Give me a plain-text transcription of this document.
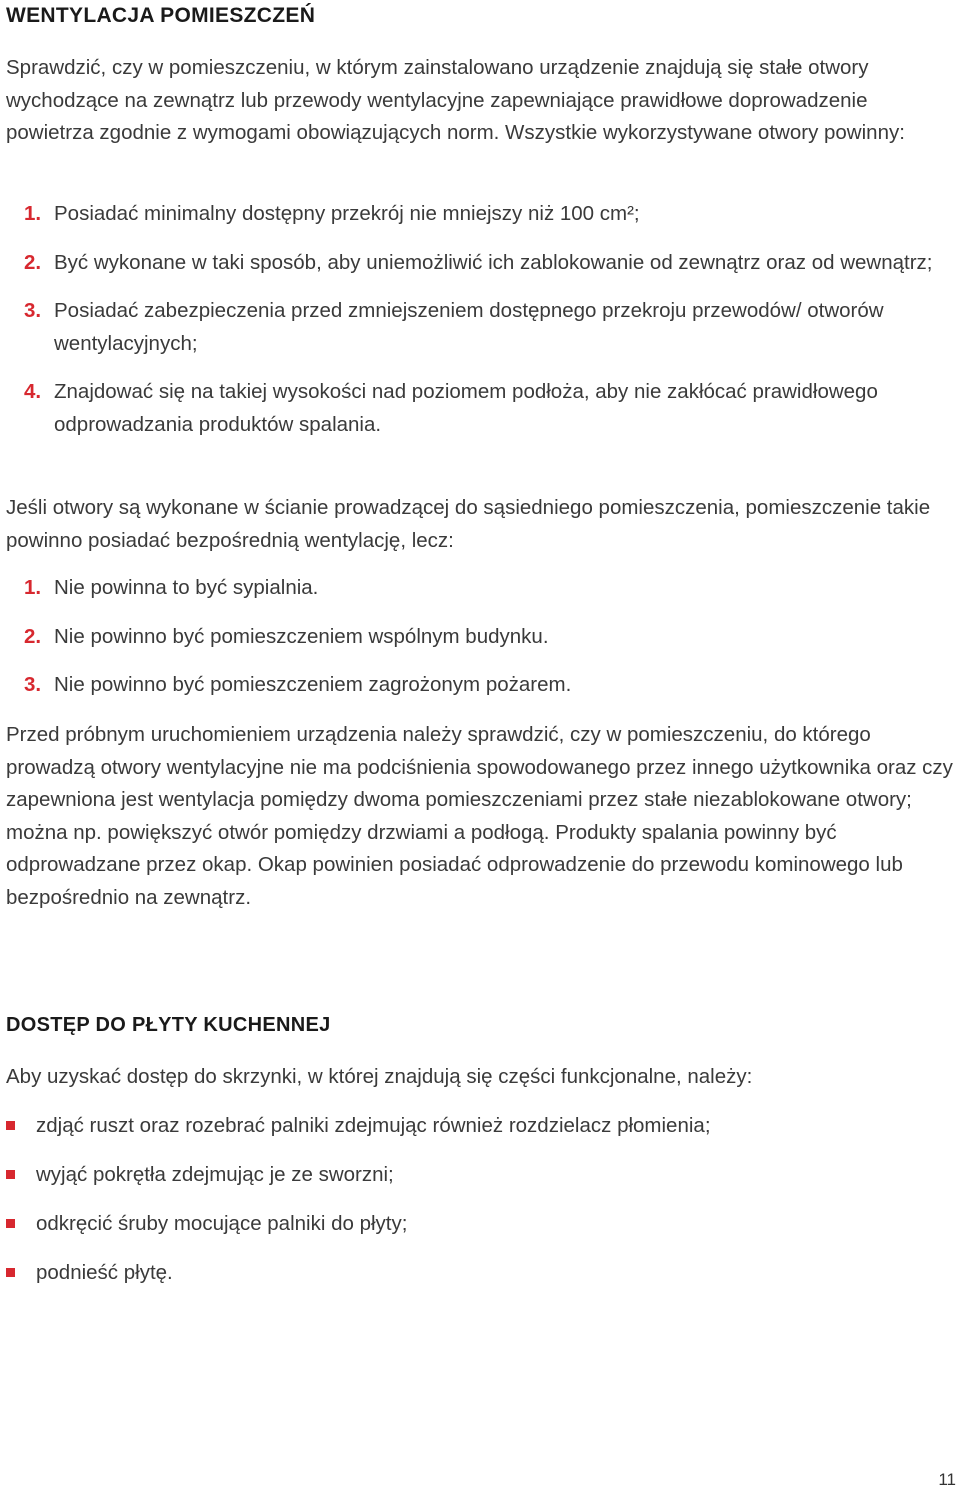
WENTYLACJA POMIESZCZEŃ

Sprawdzić, czy w pomieszczeniu, w którym zainstalowano urządzenie znajdują się stałe otwory wychodzące na zewnątrz lub przewody wentylacyjne zapewniające prawidłowe doprowadzenie powietrza zgodnie z wymogami obowiązujących norm. Wszystkie wykorzystywane otwory powinny:

1. Posiadać minimalny dostępny przekrój nie mniejszy niż 100 cm²;
2. Być wykonane w taki sposób, aby uniemożliwić ich zablokowanie od zewnątrz oraz od wewnątrz;
3. Posiadać zabezpieczenia przed zmniejszeniem dostępnego przekroju przewodów/ otworów wentylacyjnych;
4. Znajdować się na takiej wysokości nad poziomem podłoża, aby nie zakłócać prawidłowego odprowadzania produktów spalania.

Jeśli otwory są wykonane w ścianie prowadzącej do sąsiedniego pomieszczenia, pomieszczenie takie powinno posiadać bezpośrednią wentylację, lecz:

1. Nie powinna to być sypialnia.
2. Nie powinno być pomieszczeniem wspólnym budynku.
3. Nie powinno być pomieszczeniem zagrożonym pożarem.

Przed próbnym uruchomieniem urządzenia należy sprawdzić, czy w pomieszczeniu, do którego prowadzą otwory wentylacyjne nie ma podciśnienia spowodowanego przez innego użytkownika oraz czy zapewniona jest wentylacja pomiędzy dwoma pomieszczeniami przez stałe niezablokowane otwory; można np. powiększyć otwór pomiędzy drzwiami a podłogą. Produkty spalania powinny być odprowadzane przez okap. Okap powinien posiadać odprowadzenie do przewodu kominowego lub bezpośrednio na zewnątrz.

DOSTĘP DO PŁYTY KUCHENNEJ

Aby uzyskać dostęp do skrzynki, w której znajdują się części funkcjonalne, należy:

zdjąć ruszt oraz rozebrać palniki zdejmując również rozdzielacz płomienia;
wyjąć pokrętła zdejmując je ze sworzni;
odkręcić śruby mocujące palniki do płyty;
podnieść płytę.
11
